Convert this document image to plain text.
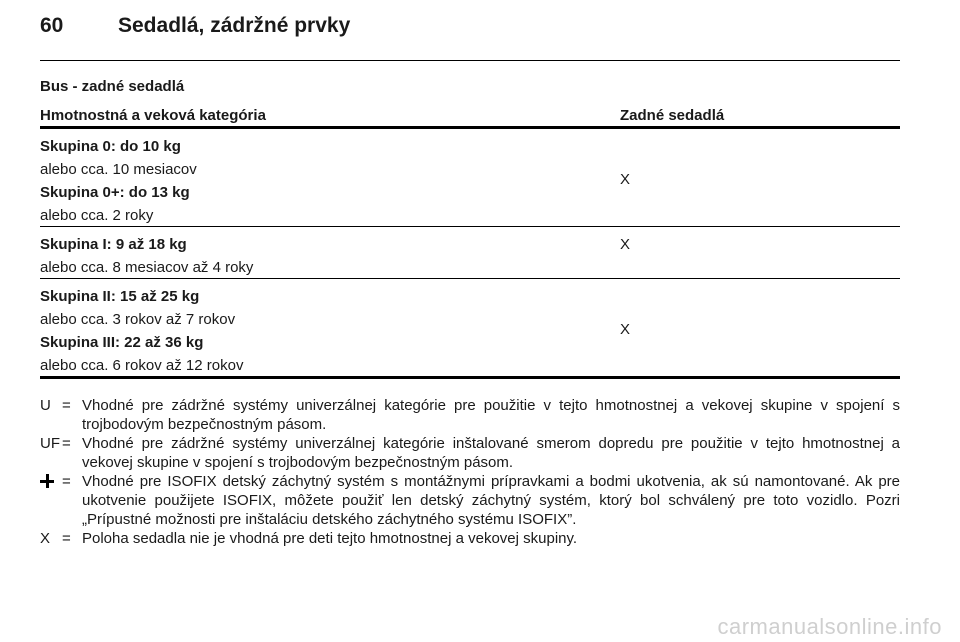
60	Sedadlá, zádržné prvky
Bus - zadné sedadlá
Hmotnostná a veková kategória	Zadné sedadlá
Skupina 0: do 10 kg
alebo cca. 10 mesiacov
Skupina 0+: do 13 kg
alebo cca. 2 roky
X
Skupina I: 9 až 18 kg
alebo cca. 8 mesiacov až 4 roky
X
Skupina II: 15 až 25 kg
alebo cca. 3 rokov až 7 rokov
Skupina III: 22 až 36 kg
alebo cca. 6 rokov až 12 rokov
X
U = Vhodné pre zádržné systémy univerzálnej kategórie pre použitie v tejto hmotnostnej a vekovej skupine v spojení s trojbodovým bezpečnostným pásom.
UF = Vhodné pre zádržné systémy univerzálnej kategórie inštalované smerom dopredu pre použitie v tejto hmotnostnej a vekovej skupine v spojení s trojbodovým bezpečnostným pásom.
= Vhodné pre ISOFIX detský záchytný systém s montážnymi prípravkami a bodmi ukotvenia, ak sú namontované. Ak pre ukotvenie použijete ISOFIX, môžete použiť len detský záchytný systém, ktorý bol schválený pre toto vozidlo. Pozri „Prípustné možnosti pre inštaláciu detského záchytného systému ISOFIX”.
X = Poloha sedadla nie je vhodná pre deti tejto hmotnostnej a vekovej skupiny.
carmanualsonline.info
